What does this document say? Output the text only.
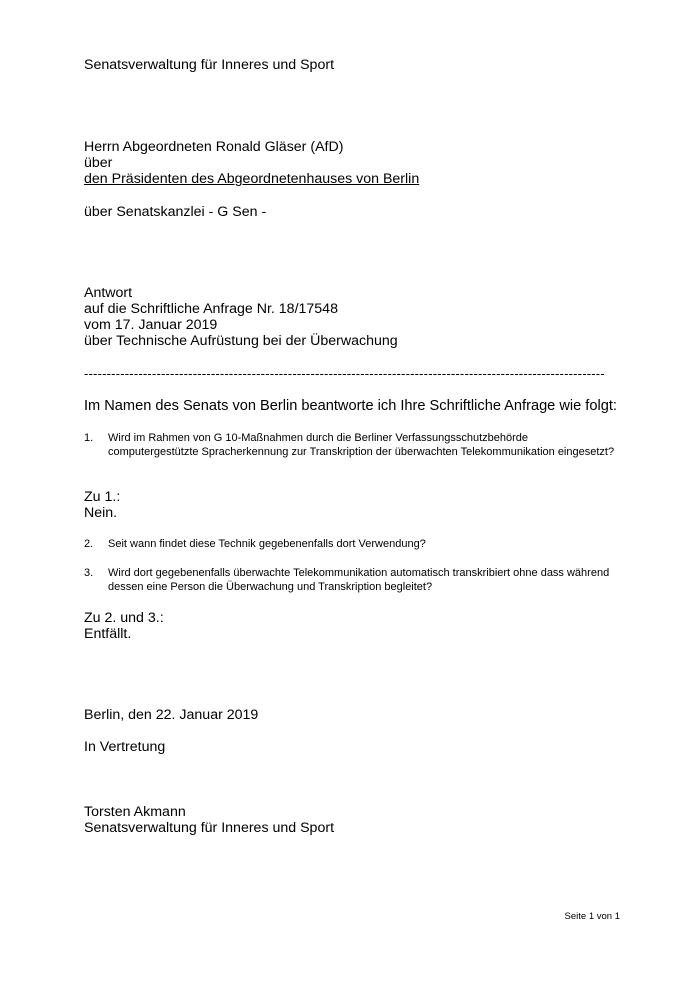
Senatsverwaltung für Inneres und Sport
Herrn Abgeordneten Ronald Gläser (AfD)
über
den Präsidenten des Abgeordnetenhauses von Berlin
über Senatskanzlei - G Sen -
Antwort
auf die Schriftliche Anfrage Nr. 18/17548
vom 17. Januar 2019
über Technische Aufrüstung bei der Überwachung
-------------------------------------------------------------------------------------------------------------------
Im Namen des Senats von Berlin beantworte ich Ihre Schriftliche Anfrage wie folgt:
1. Wird im Rahmen von G 10-Maßnahmen durch die Berliner Verfassungsschutzbehörde computergestützte Spracherkennung zur Transkription der überwachten Telekommunikation eingesetzt?
Zu 1.:
Nein.
2. Seit wann findet diese Technik gegebenenfalls dort Verwendung?
3. Wird dort gegebenenfalls überwachte Telekommunikation automatisch transkribiert ohne dass während dessen eine Person die Überwachung und Transkription begleitet?
Zu 2. und 3.:
Entfällt.
Berlin, den 22. Januar 2019
In Vertretung
Torsten Akmann
Senatsverwaltung für Inneres und Sport
Seite 1 von 1
